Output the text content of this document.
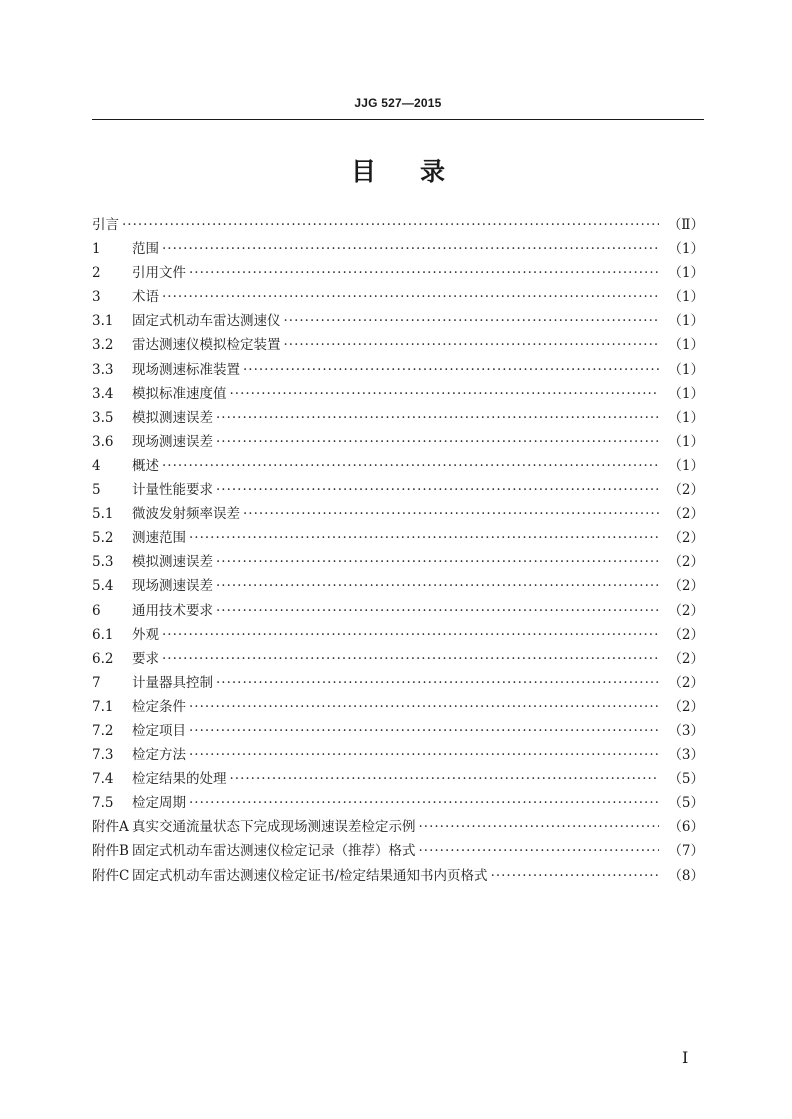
JJG 527—2015
目 录
引言 ·····	（Ⅱ）
1	范围 ·····	（1）
2	引用文件 ·····	（1）
3	术语 ·····	（1）
3.1	固定式机动车雷达测速仪 ·····	（1）
3.2	雷达测速仪模拟检定装置 ·····	（1）
3.3	现场测速标准装置 ·····	（1）
3.4	模拟标准速度值 ·····	（1）
3.5	模拟测速误差 ·····	（1）
3.6	现场测速误差 ·····	（1）
4	概述 ·····	（1）
5	计量性能要求 ·····	（2）
5.1	微波发射频率误差 ·····	（2）
5.2	测速范围 ·····	（2）
5.3	模拟测速误差 ·····	（2）
5.4	现场测速误差 ·····	（2）
6	通用技术要求 ·····	（2）
6.1	外观 ·····	（2）
6.2	要求 ·····	（2）
7	计量器具控制 ·····	（2）
7.1	检定条件 ·····	（2）
7.2	检定项目 ·····	（3）
7.3	检定方法 ·····	（3）
7.4	检定结果的处理 ·····	（5）
7.5	检定周期 ·····	（5）
附件A 真实交通流量状态下完成现场测速误差检定示例 ·····	（6）
附件B 固定式机动车雷达测速仪检定记录（推荐）格式 ·····	（7）
附件C 固定式机动车雷达测速仪检定证书/检定结果通知书内页格式 ·····	（8）
I
